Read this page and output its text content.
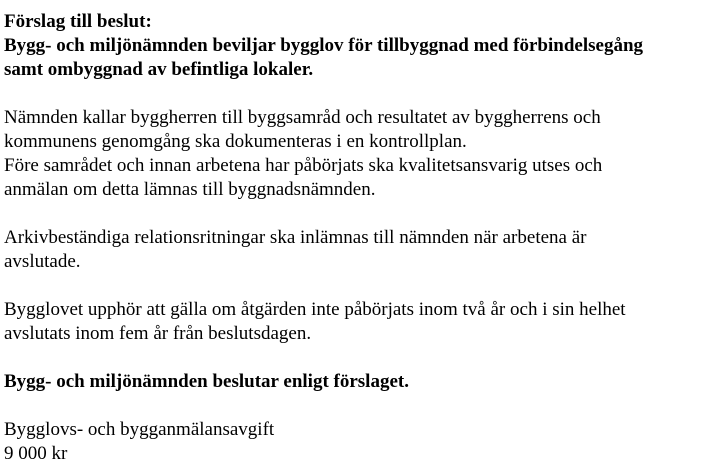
Förslag till beslut:
Bygg- och miljönämnden beviljar bygglov för tillbyggnad med förbindelsegång
samt ombyggnad av befintliga lokaler.

Nämnden kallar byggherren till byggsamråd och resultatet av byggherrens och
kommunens genomgång ska dokumenteras i en kontrollplan.
Före samrådet och innan arbetena har påbörjats ska kvalitetsansvarig utses och
anmälan om detta lämnas till byggnadsnämnden.

Arkivbeständiga relationsritningar ska inlämnas till nämnden när arbetena är
avslutade.

Bygglovet upphör att gälla om åtgärden inte påbörjats inom två år och i sin helhet
avslutats inom fem år från beslutsdagen.

Bygg- och miljönämnden beslutar enligt förslaget.

Bygglovs- och bygganmälansavgift
9 000 kr
